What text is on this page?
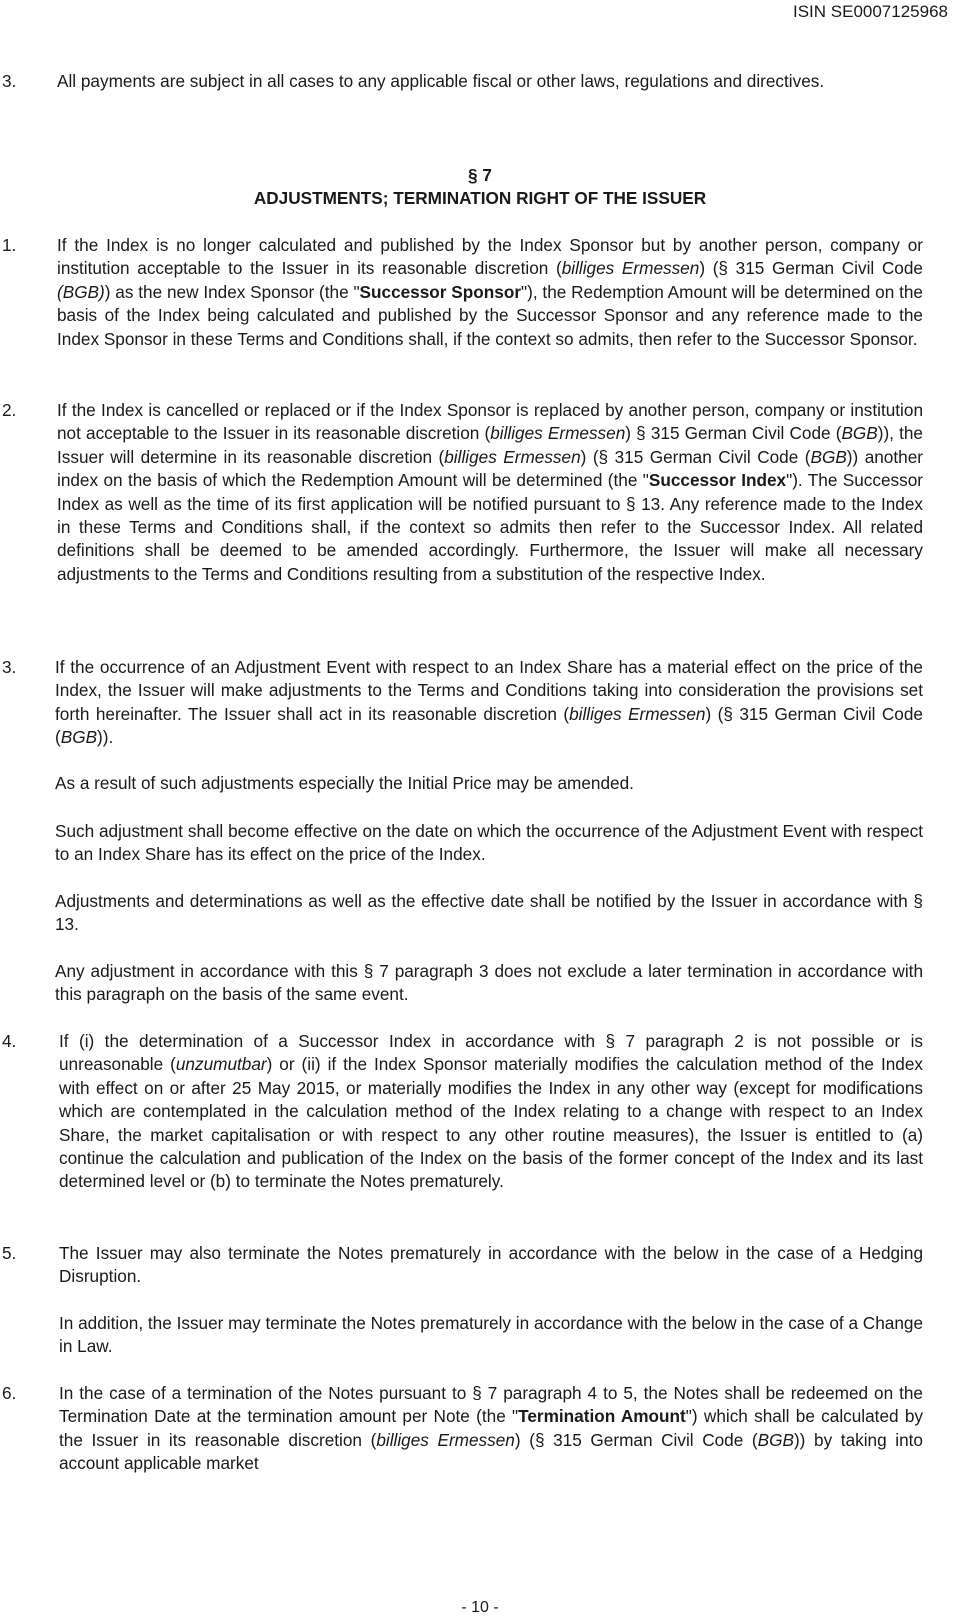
ISIN SE0007125968
3. All payments are subject in all cases to any applicable fiscal or other laws, regulations and directives.

§ 7
ADJUSTMENTS; TERMINATION RIGHT OF THE ISSUER
1. If the Index is no longer calculated and published by the Index Sponsor but by another person, company or institution acceptable to the Issuer in its reasonable discretion (billiges Ermessen) (§ 315 German Civil Code (BGB)) as the new Index Sponsor (the "Successor Sponsor"), the Redemption Amount will be determined on the basis of the Index being calculated and published by the Successor Sponsor and any reference made to the Index Sponsor in these Terms and Conditions shall, if the context so admits, then refer to the Successor Sponsor.

2. If the Index is cancelled or replaced or if the Index Sponsor is replaced by another person, company or institution not acceptable to the Issuer in its reasonable discretion (billiges Ermessen) § 315 German Civil Code (BGB)), the Issuer will determine in its reasonable discretion (billiges Ermessen) (§ 315 German Civil Code (BGB)) another index on the basis of which the Redemption Amount will be determined (the "Successor Index"). The Successor Index as well as the time of its first application will be notified pursuant to § 13. Any reference made to the Index in these Terms and Conditions shall, if the context so admits then refer to the Successor Index. All related definitions shall be deemed to be amended accordingly. Furthermore, the Issuer will make all necessary adjustments to the Terms and Conditions resulting from a substitution of the respective Index.

3. If the occurrence of an Adjustment Event with respect to an Index Share has a material effect on the price of the Index, the Issuer will make adjustments to the Terms and Conditions taking into consideration the provisions set forth hereinafter. The Issuer shall act in its reasonable discretion (billiges Ermessen) (§ 315 German Civil Code (BGB)).

As a result of such adjustments especially the Initial Price may be amended.

Such adjustment shall become effective on the date on which the occurrence of the Adjustment Event with respect to an Index Share has its effect on the price of the Index.

Adjustments and determinations as well as the effective date shall be notified by the Issuer in accordance with § 13.

Any adjustment in accordance with this § 7 paragraph 3 does not exclude a later termination in accordance with this paragraph on the basis of the same event.

4. If (i) the determination of a Successor Index in accordance with § 7 paragraph 2 is not possible or is unreasonable (unzumutbar) or (ii) if the Index Sponsor materially modifies the calculation method of the Index with effect on or after 25 May 2015, or materially modifies the Index in any other way (except for modifications which are contemplated in the calculation method of the Index relating to a change with respect to an Index Share, the market capitalisation or with respect to any other routine measures), the Issuer is entitled to (a) continue the calculation and publication of the Index on the basis of the former concept of the Index and its last determined level or (b) to terminate the Notes prematurely.

5. The Issuer may also terminate the Notes prematurely in accordance with the below in the case of a Hedging Disruption.

In addition, the Issuer may terminate the Notes prematurely in accordance with the below in the case of a Change in Law.

6. In the case of a termination of the Notes pursuant to § 7 paragraph 4 to 5, the Notes shall be redeemed on the Termination Date at the termination amount per Note (the "Termination Amount") which shall be calculated by the Issuer in its reasonable discretion (billiges Ermessen) (§ 315 German Civil Code (BGB)) by taking into account applicable market

- 10 -
